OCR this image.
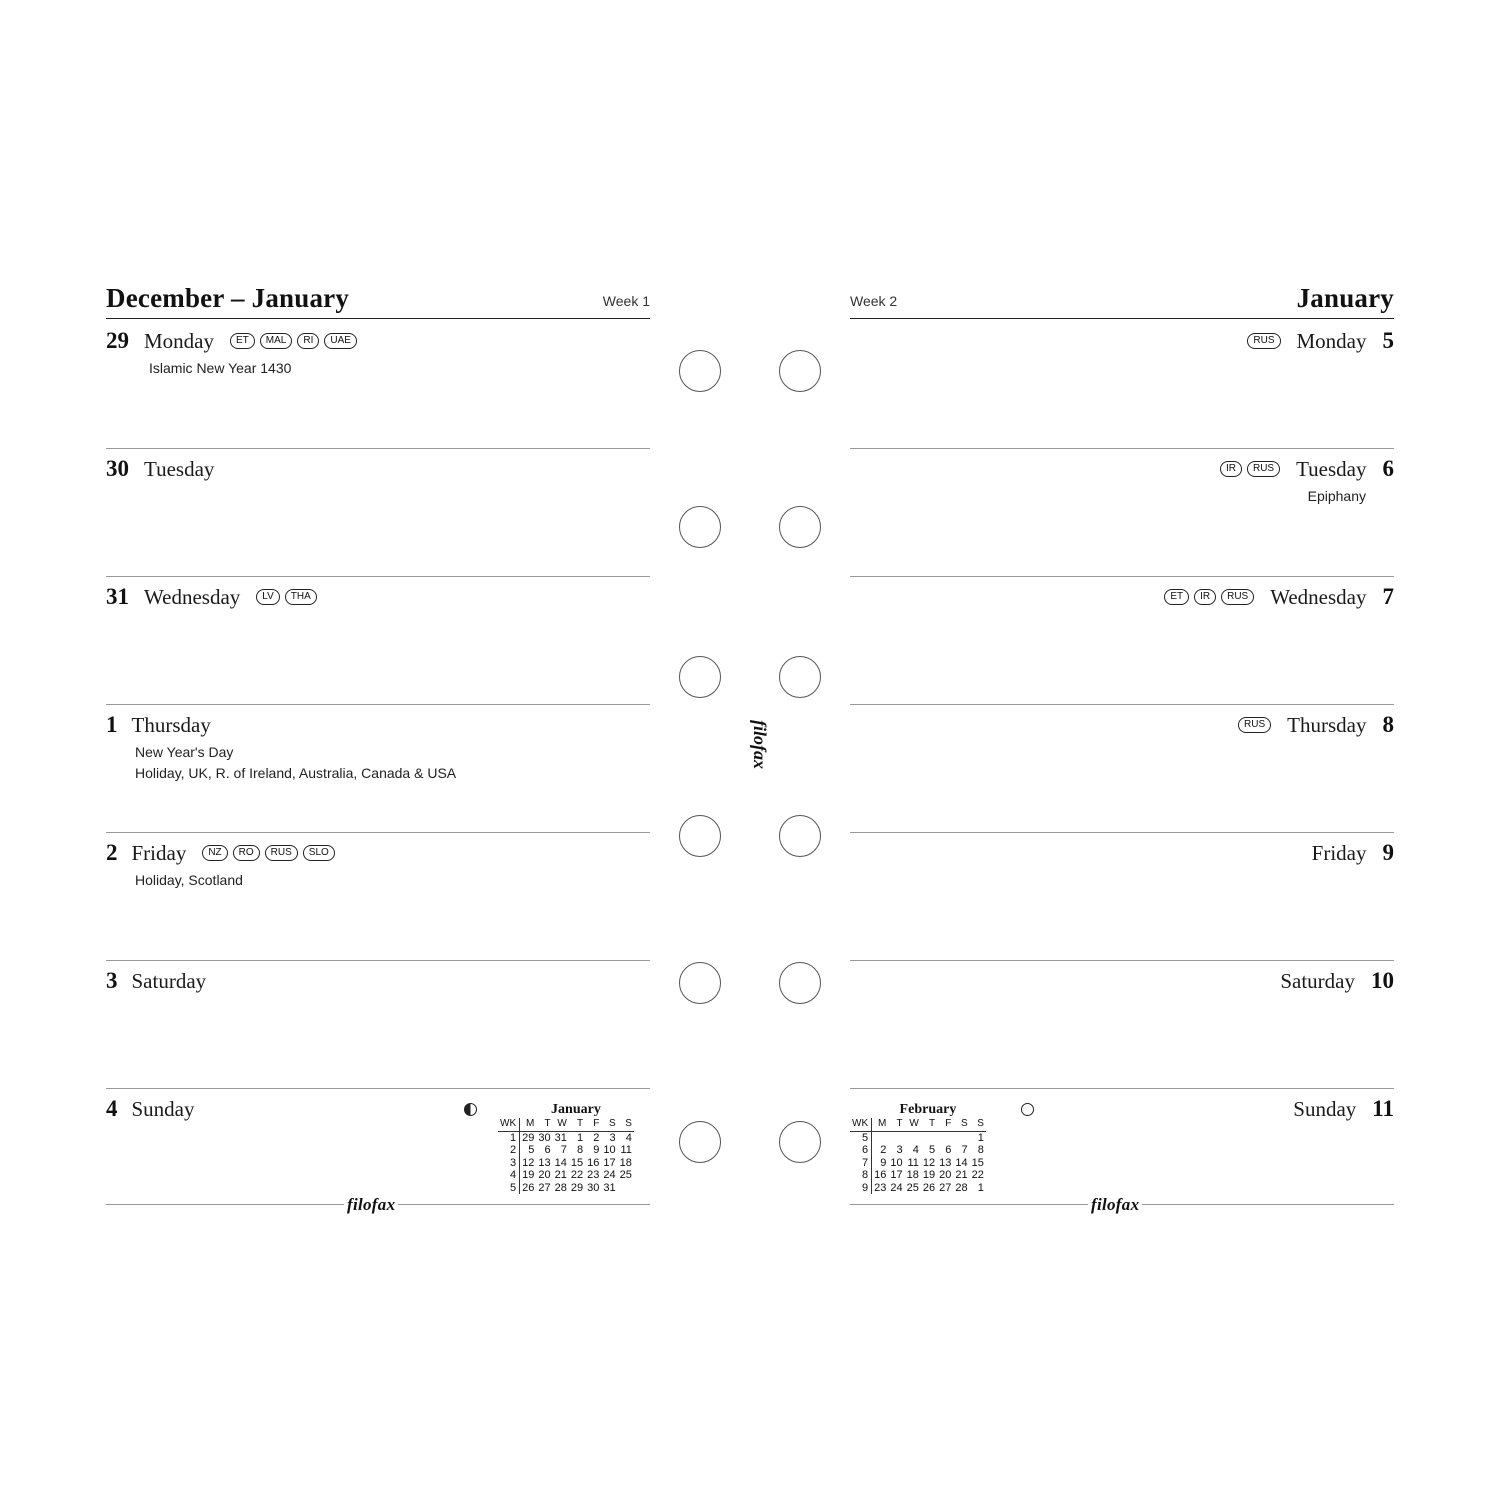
December – January	Week 1
29 Monday	ET	MAL	RI	UAE
Islamic New Year 1430
30 Tuesday
31 Wednesday	LV	THA
1 Thursday
New Year's Day
Holiday, UK, R. of Ireland, Australia, Canada & USA
2 Friday	NZ	RO	RUS	SLO
Holiday, Scotland
3 Saturday
4 Sunday	January
WK	M	T	W	T	F	S	S
1	29	30	31	1	2	3	4
2	5	6	7	8	9	10	11
3	12	13	14	15	16	17	18
4	19	20	21	22	23	24	25
5	26	27	28	29	30	31	
filofax
filofax
Week 2	January
RUS Monday 5
IR	RUS Tuesday 6
Epiphany
ET	IR	RUS Wednesday 7
RUS Thursday 8
Friday 9
Saturday 10
Sunday 11
February
WK	M	T	W	T	F	S	S
5							1
6	2	3	4	5	6	7	8
7	9	10	11	12	13	14	15
8	16	17	18	19	20	21	22
9	23	24	25	26	27	28	1
filofax
